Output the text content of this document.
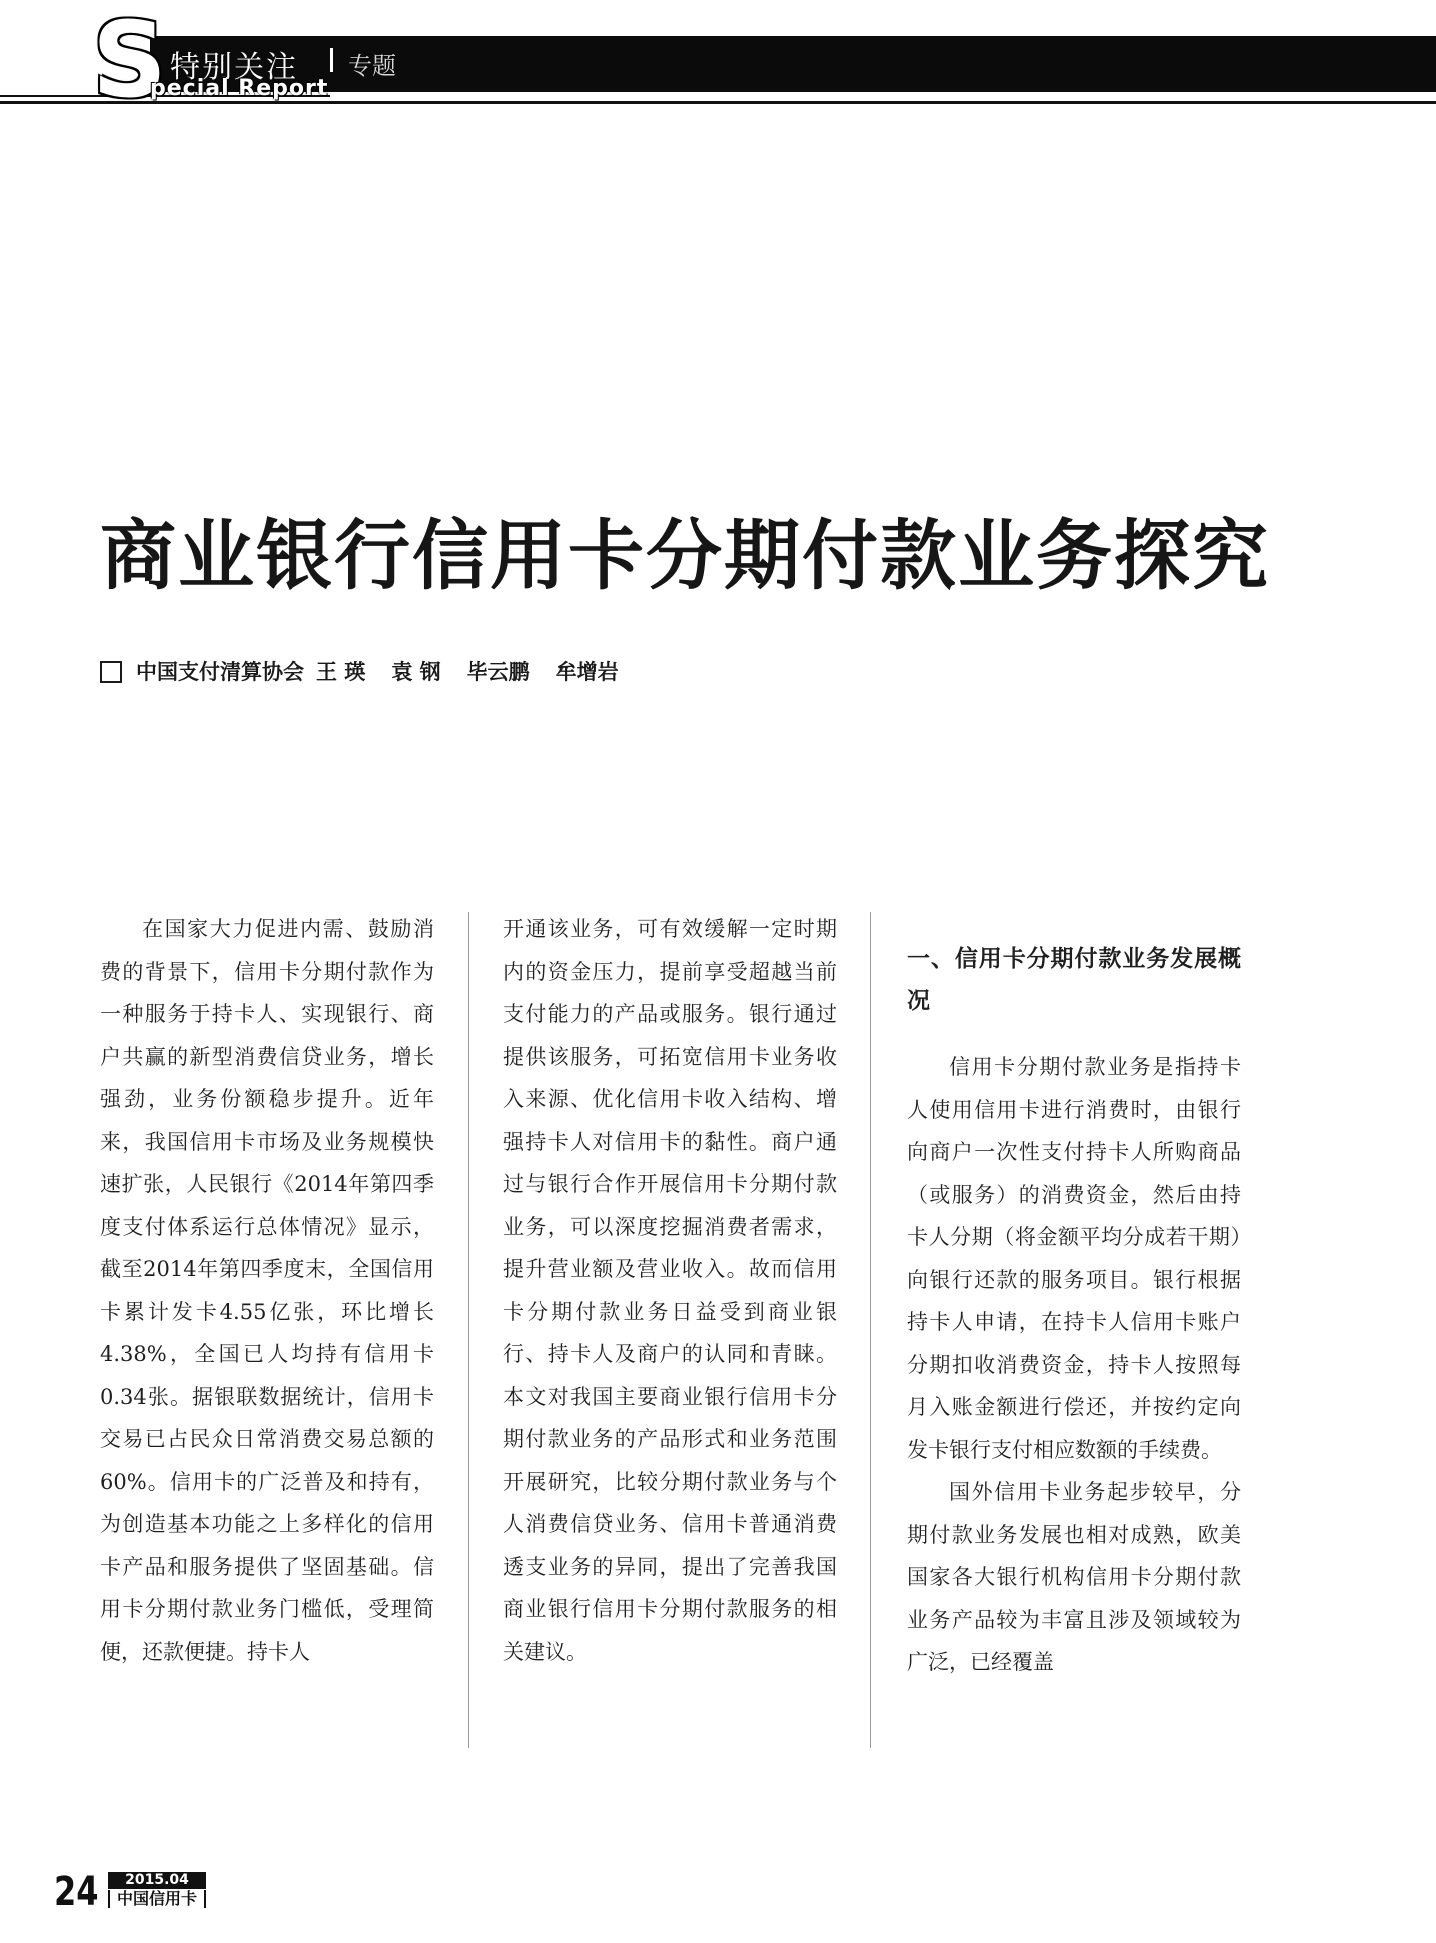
S 特别关注 专题
pecial Report
商业银行信用卡分期付款业务探究
中国支付清算协会 王 瑛 袁 钢 毕云鹏 牟增岩

在国家大力促进内需、鼓励消费的背景下，信用卡分期付款作为一种服务于持卡人、实现银行、商户共赢的新型消费信贷业务，增长强劲，业务份额稳步提升。近年来，我国信用卡市场及业务规模快速扩张，人民银行《2014年第四季度支付体系运行总体情况》显示，截至2014年第四季度末，全国信用卡累计发卡4.55亿张，环比增长4.38%，全国已人均持有信用卡0.34张。据银联数据统计，信用卡交易已占民众日常消费交易总额的60%。信用卡的广泛普及和持有，为创造基本功能之上多样化的信用卡产品和服务提供了坚固基础。信用卡分期付款业务门槛低，受理简便，还款便捷。持卡人

开通该业务，可有效缓解一定时期内的资金压力，提前享受超越当前支付能力的产品或服务。银行通过提供该服务，可拓宽信用卡业务收入来源、优化信用卡收入结构、增强持卡人对信用卡的黏性。商户通过与银行合作开展信用卡分期付款业务，可以深度挖掘消费者需求，提升营业额及营业收入。故而信用卡分期付款业务日益受到商业银行、持卡人及商户的认同和青睐。本文对我国主要商业银行信用卡分期付款业务的产品形式和业务范围开展研究，比较分期付款业务与个人消费信贷业务、信用卡普通消费透支业务的异同，提出了完善我国商业银行信用卡分期付款服务的相关建议。

一、信用卡分期付款业务发展概况

信用卡分期付款业务是指持卡人使用信用卡进行消费时，由银行向商户一次性支付持卡人所购商品（或服务）的消费资金，然后由持卡人分期（将金额平均分成若干期）向银行还款的服务项目。银行根据持卡人申请，在持卡人信用卡账户分期扣收消费资金，持卡人按照每月入账金额进行偿还，并按约定向发卡银行支付相应数额的手续费。

国外信用卡业务起步较早，分期付款业务发展也相对成熟，欧美国家各大银行机构信用卡分期付款业务产品较为丰富且涉及领域较为广泛，已经覆盖

24	2015.04
中国信用卡
